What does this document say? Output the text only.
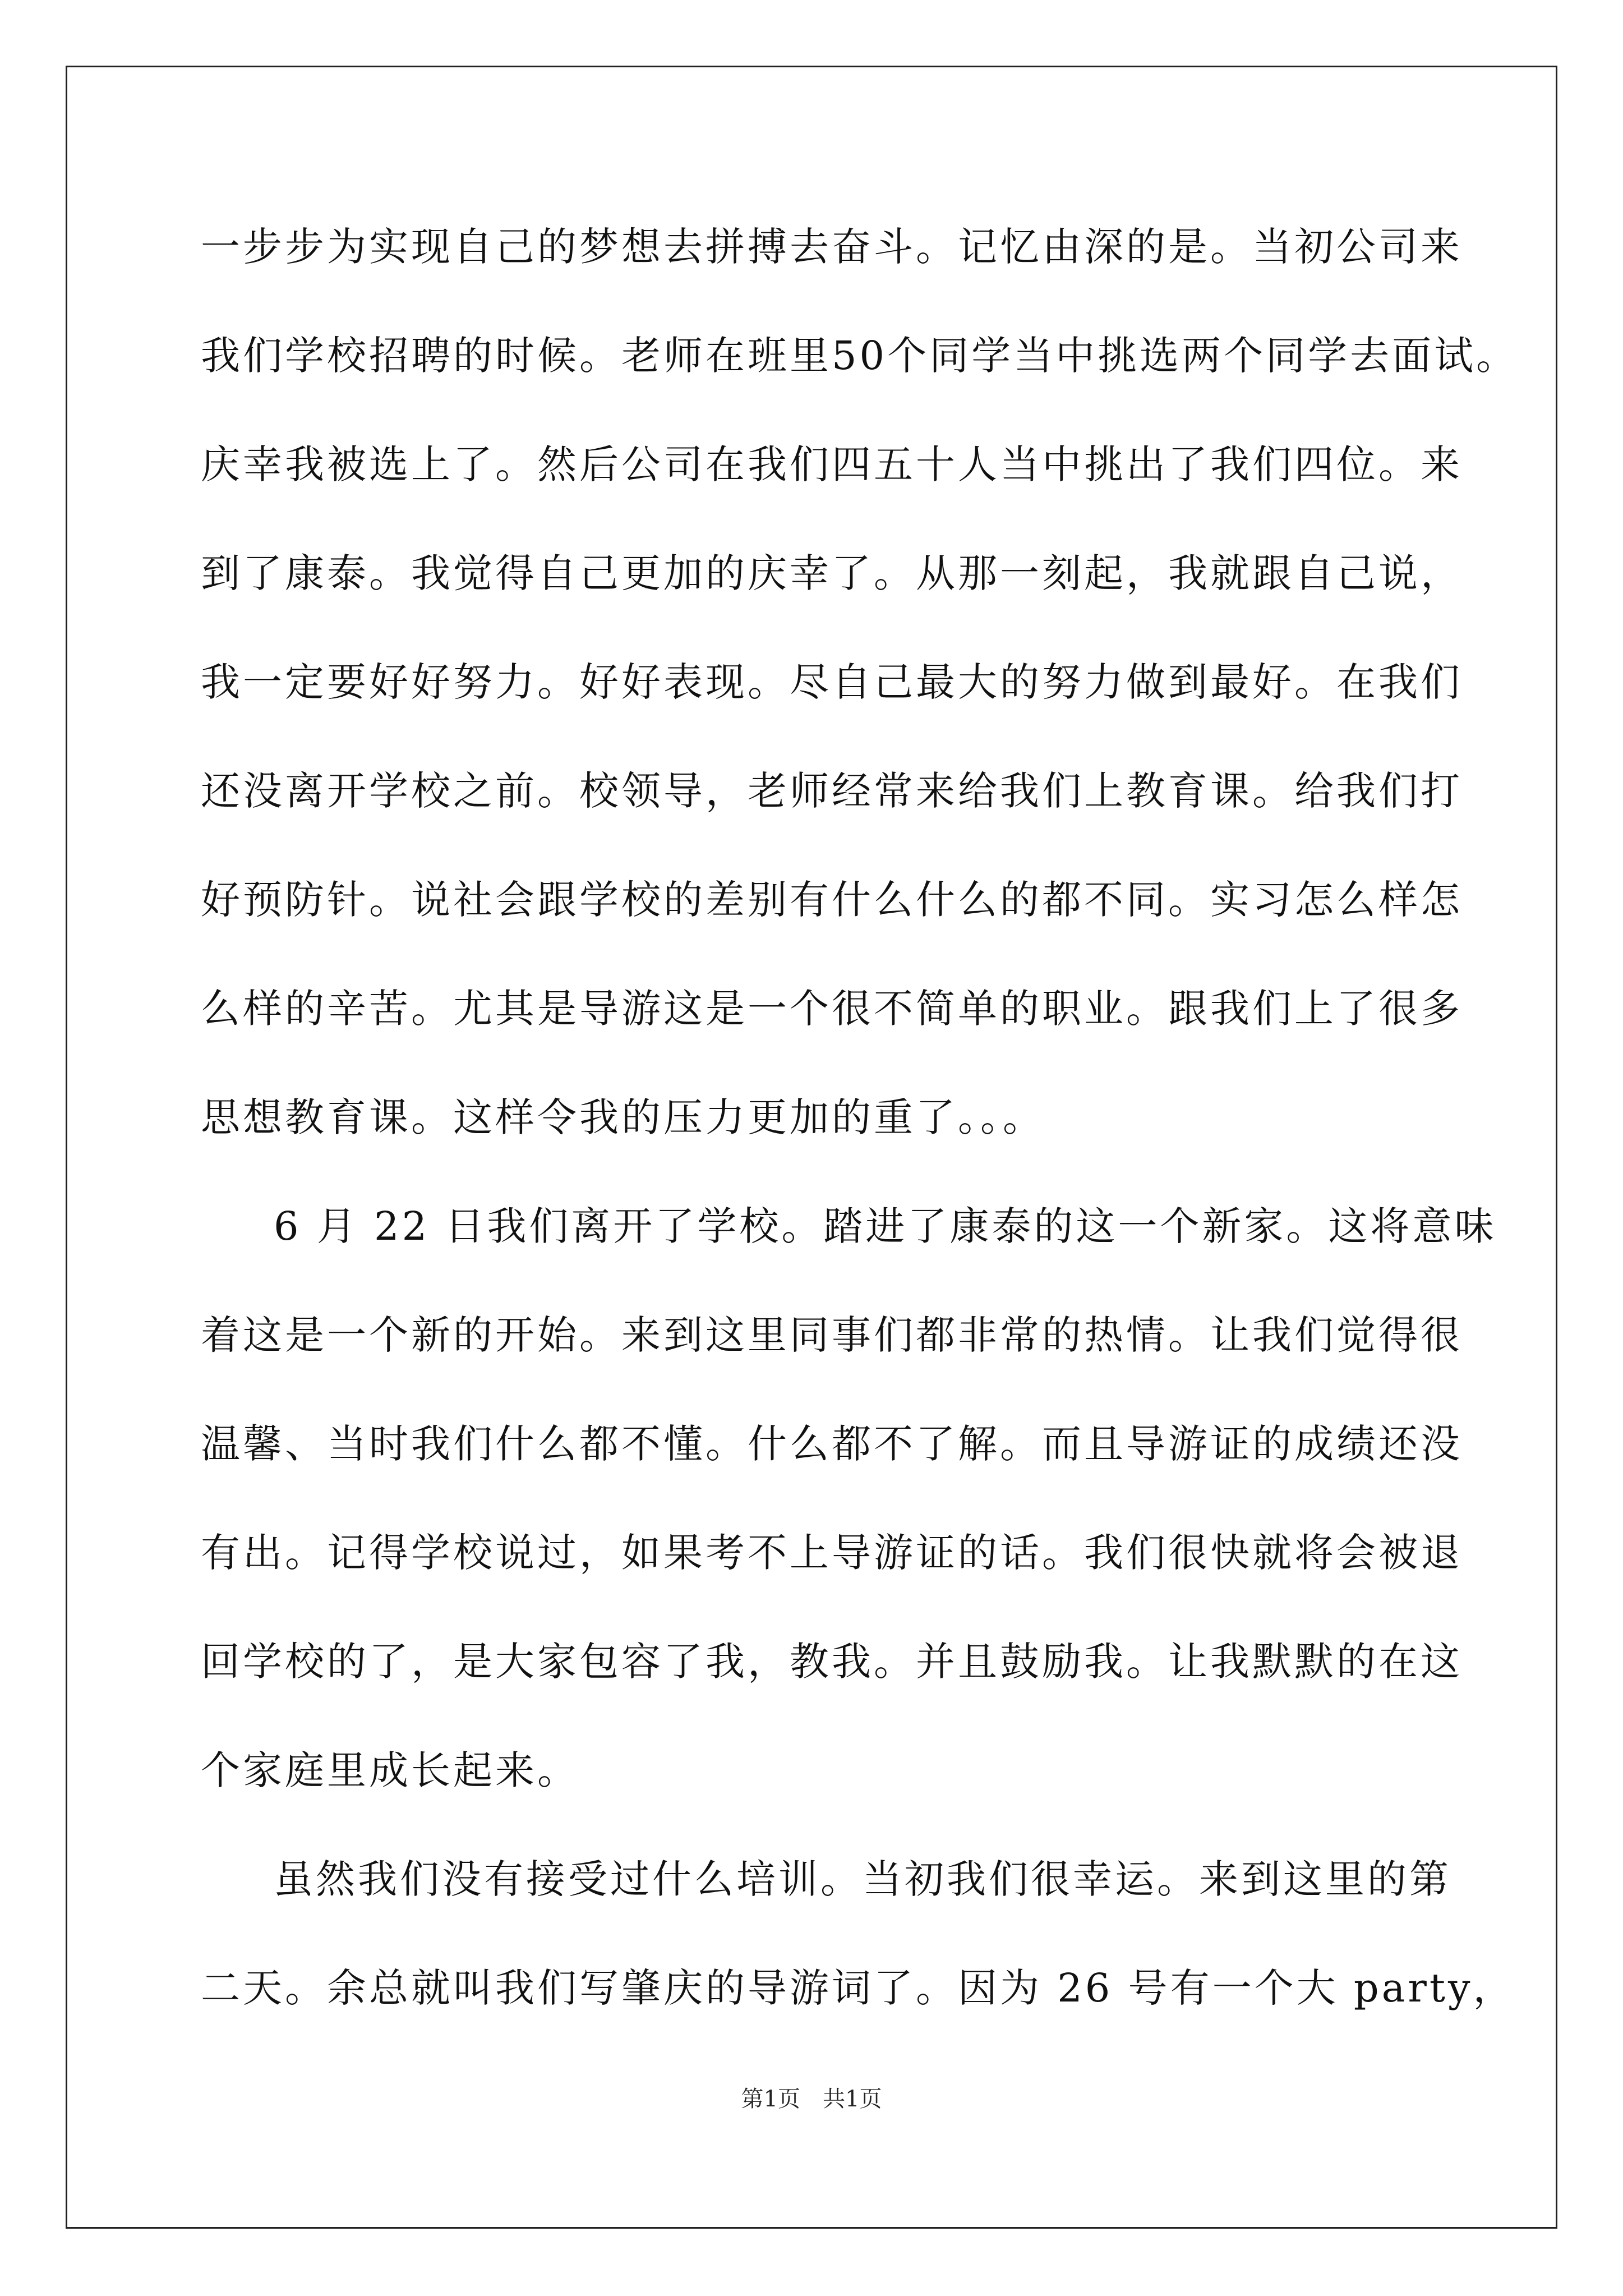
一步步为实现自己的梦想去拼搏去奋斗。记忆由深的是。当初公司来
我们学校招聘的时候。老师在班里50个同学当中挑选两个同学去面试。
庆幸我被选上了。然后公司在我们四五十人当中挑出了我们四位。来
到了康泰。我觉得自己更加的庆幸了。从那一刻起，我就跟自己说，
我一定要好好努力。好好表现。尽自己最大的努力做到最好。在我们
还没离开学校之前。校领导，老师经常来给我们上教育课。给我们打
好预防针。说社会跟学校的差别有什么什么的都不同。实习怎么样怎
么样的辛苦。尤其是导游这是一个很不简单的职业。跟我们上了很多
思想教育课。这样令我的压力更加的重了。。。
6 月 22 日我们离开了学校。踏进了康泰的这一个新家。这将意味
着这是一个新的开始。来到这里同事们都非常的热情。让我们觉得很
温馨、当时我们什么都不懂。什么都不了解。而且导游证的成绩还没
有出。记得学校说过，如果考不上导游证的话。我们很快就将会被退
回学校的了，是大家包容了我，教我。并且鼓励我。让我默默的在这
个家庭里成长起来。
虽然我们没有接受过什么培训。当初我们很幸运。来到这里的第
二天。余总就叫我们写肇庆的导游词了。因为 26 号有一个大 party，
第1页 共1页
